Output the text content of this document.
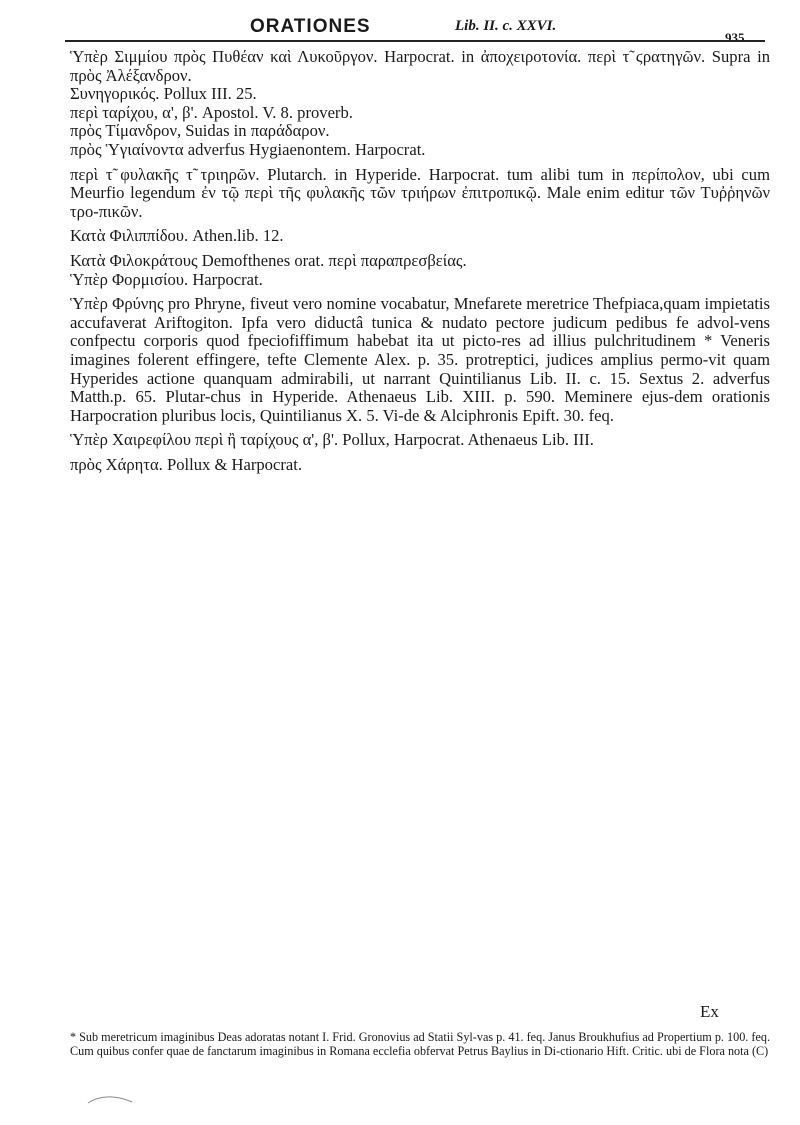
ORATIONES	Lib. II. c. XXVI.
935

Ὑπὲρ Σιμμίου πρὸς Πυθέαν καὶ Λυκοῦργον. Harpocrat. in ἀποχειροτονία. περὶ τ̃ ϛρατηγῶν. Supra in πρὸς Ἀλέξανδρον.

Συνηγορικός. Pollux III. 25.

περὶ ταρίχου, α', β'. Apostol. V. 8. proverb.

πρὸς Τίμανδρον, Suidas in παράδαρον.

πρὸς Ὑγιαίνοντα adverfus Hygiaenontem. Harpocrat.

περὶ τ̃ φυλακῆς τ̃ τριηρῶν. Plutarch. in Hyperide. Harpocrat. tum alibi tum in περίπολον, ubi cum Meurfio legendum ἐν τῷ περὶ τῆς φυλακῆς τῶν τριήρων ἐπιτροπικῷ. Male enim editur τῶν Τυῤῥηνῶν τρο-πικῶν.

Κατὰ Φιλιππίδου. Athen.lib. 12.

Κατὰ Φιλοκράτους Demofthenes orat. περὶ παραπρεσβείας.

Ὑπὲρ Φορμισίου. Harpocrat.

Ὑπὲρ Φρύνης pro Phryne, fiveut vero nomine vocabatur, Mnefarete meretrice Thefpiaca,quam impietatis accufaverat Ariftogiton. Ipfa vero diductâ tunica & nudato pectore judicum pedibus fe advol-vens confpectu corporis quod fpeciofiffimum habebat ita ut picto-res ad illius pulchritudinem * Veneris imagines folerent effingere, tefte Clemente Alex. p. 35. protreptici, judices amplius permo-vit quam Hyperides actione quanquam admirabili, ut narrant Quintilianus Lib. II. c. 15. Sextus 2. adverfus Matth.p. 65. Plutar-chus in Hyperide. Athenaeus Lib. XIII. p. 590. Meminere ejus-dem orationis Harpocration pluribus locis, Quintilianus X. 5. Vi-de & Alciphronis Epift. 30. feq.

Ὑπὲρ Χαιρεφίλου περὶ ἢ ταρίχους α', β'. Pollux, Harpocrat. Athenaeus Lib. III.

πρὸς Χάρητα. Pollux & Harpocrat.

Ex
* Sub meretricum imaginibus Deas adoratas notant I. Frid. Gronovius ad Statii Syl-vas p. 41. feq. Janus Broukhufius ad Propertium p. 100. feq. Cum quibus confer quae de fanctarum imaginibus in Romana ecclefia obfervat Petrus Baylius in Di-ctionario Hift. Critic. ubi de Flora nota (C)
